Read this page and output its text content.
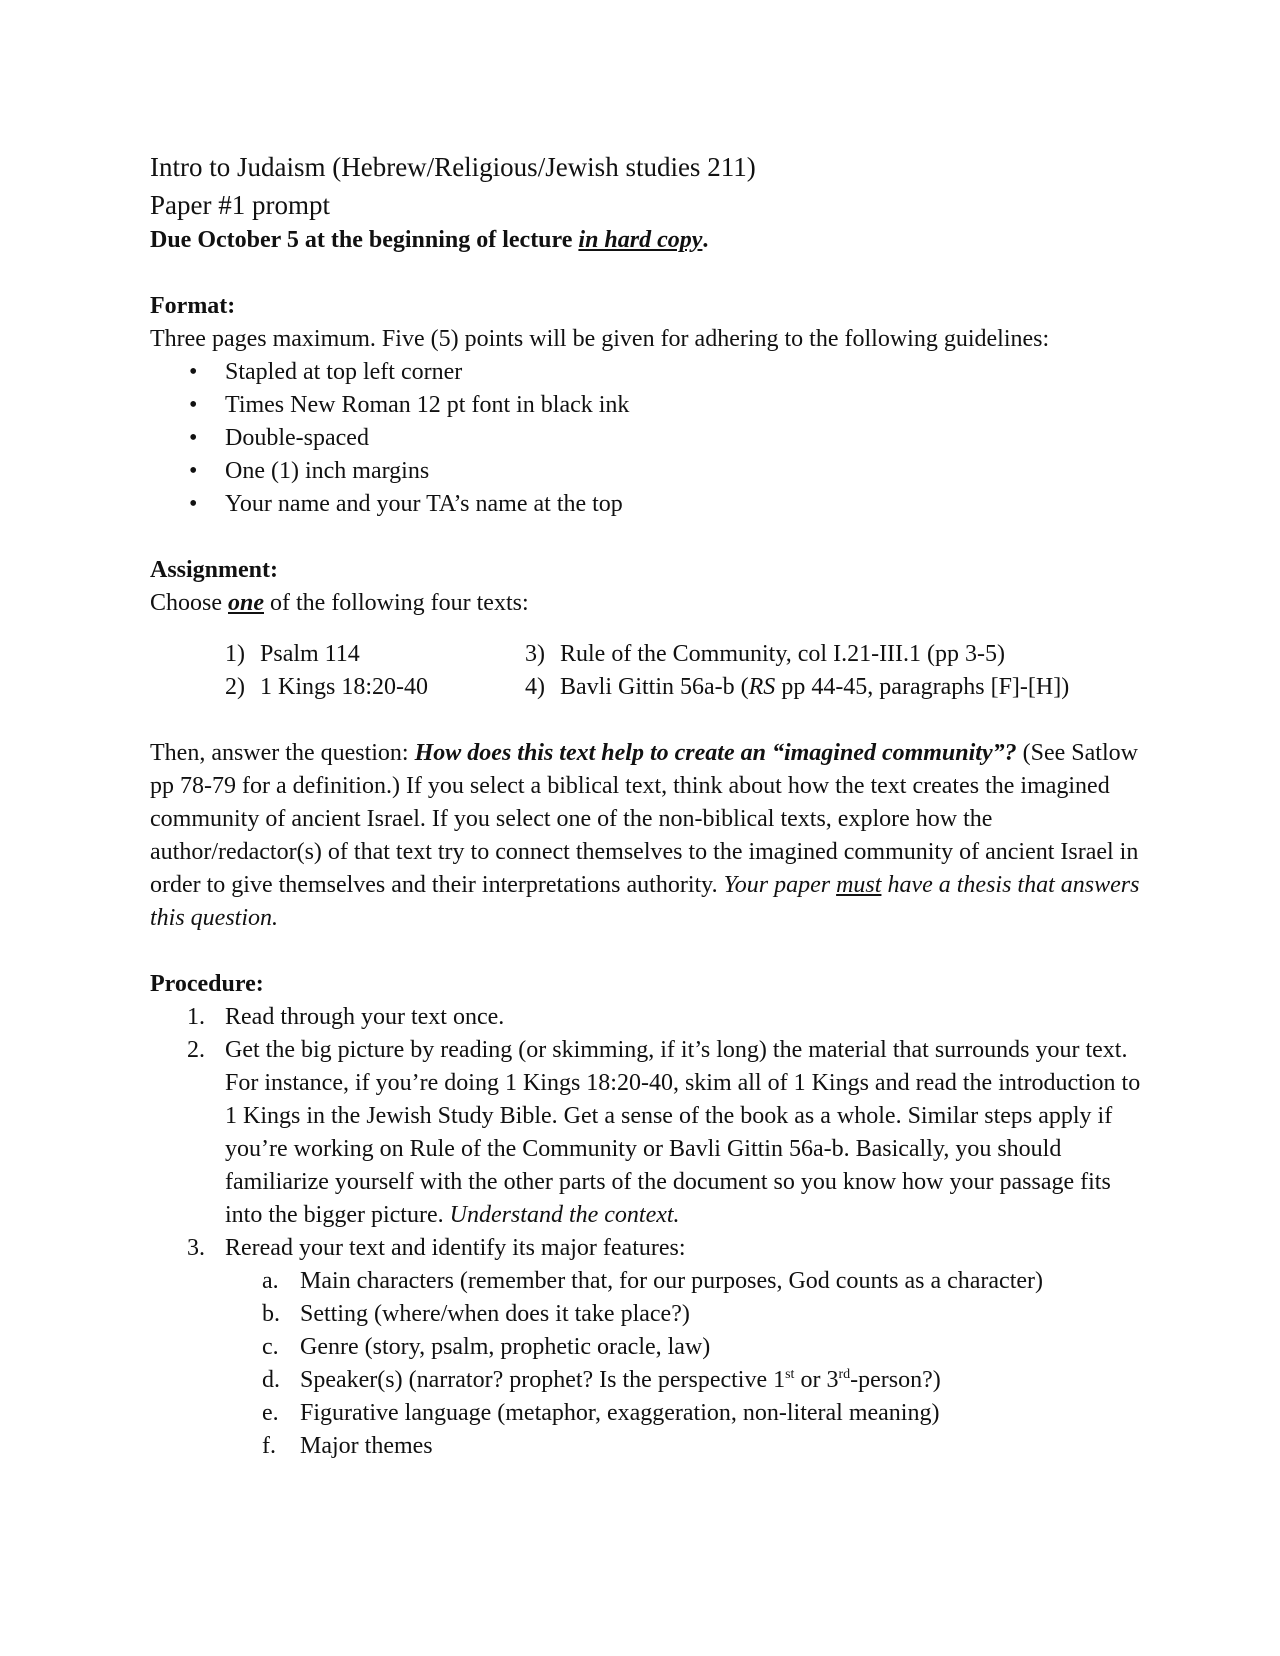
Intro to Judaism (Hebrew/Religious/Jewish studies 211)
Paper #1 prompt
Due October 5 at the beginning of lecture in hard copy.
Format:
Three pages maximum. Five (5) points will be given for adhering to the following guidelines:
• Stapled at top left corner
• Times New Roman 12 pt font in black ink
• Double-spaced
• One (1) inch margins
• Your name and your TA’s name at the top
Assignment:
Choose one of the following four texts:
1) Psalm 114	3) Rule of the Community, col I.21-III.1 (pp 3-5)
2) 1 Kings 18:20-40	4) Bavli Gittin 56a-b (RS pp 44-45, paragraphs [F]-[H])
Then, answer the question: How does this text help to create an “imagined community”? (See Satlow pp 78-79 for a definition.) If you select a biblical text, think about how the text creates the imagined community of ancient Israel. If you select one of the non-biblical texts, explore how the author/redactor(s) of that text try to connect themselves to the imagined community of ancient Israel in order to give themselves and their interpretations authority. Your paper must have a thesis that answers this question.
Procedure:
1. Read through your text once.
2. Get the big picture by reading (or skimming, if it’s long) the material that surrounds your text. For instance, if you’re doing 1 Kings 18:20-40, skim all of 1 Kings and read the introduction to 1 Kings in the Jewish Study Bible. Get a sense of the book as a whole. Similar steps apply if you’re working on Rule of the Community or Bavli Gittin 56a-b. Basically, you should familiarize yourself with the other parts of the document so you know how your passage fits into the bigger picture. Understand the context.
3. Reread your text and identify its major features:
a. Main characters (remember that, for our purposes, God counts as a character)
b. Setting (where/when does it take place?)
c. Genre (story, psalm, prophetic oracle, law)
d. Speaker(s) (narrator? prophet? Is the perspective 1st or 3rd-person?)
e. Figurative language (metaphor, exaggeration, non-literal meaning)
f. Major themes
